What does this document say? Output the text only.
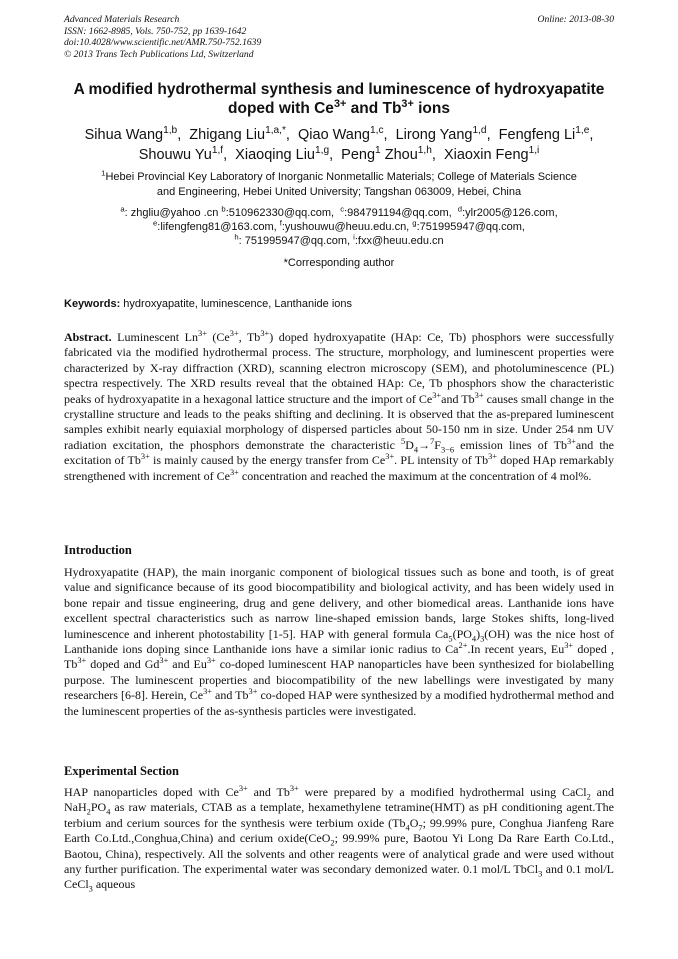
Advanced Materials Research
ISSN: 1662-8985, Vols. 750-752, pp 1639-1642
doi:10.4028/www.scientific.net/AMR.750-752.1639
© 2013 Trans Tech Publications Ltd, Switzerland
Online: 2013-08-30
A modified hydrothermal synthesis and luminescence of hydroxyapatite
doped with $Ce^{3+}$ and $Tb^{3+}$ ions
Sihua Wang$^{1,b}$,  Zhigang Liu$^{1,a,*}$,  Qiao Wang$^{1,c}$,  Lirong Yang$^{1,d}$,  Fengfeng Li$^{1,e}$,
Shouwu Yu$^{1,f}$,  Xiaoqing Liu$^{1,g}$,  Peng$^1$ Zhou$^{1,h}$,  Xiaoxin Feng$^{1,i}$
$^1$Hebei Provincial Key Laboratory of Inorganic Nonmetallic Materials; College of Materials Science
and Engineering, Hebei United University; Tangshan 063009, Hebei, China
$^a$: zhgliu@yahoo .cn $^b$:510962330@qq.com,  $^c$:984791194@qq.com,  $^d$:ylr2005@126.com,
$^e$:lifengfeng81@163.com, $^f$:yushouwu@heuu.edu.cn, $^g$:751995947@qq.com,
$^h$: 751995947@qq.com, $^i$:fxx@heuu.edu.cn
*Corresponding author
Keywords: hydroxyapatite, luminescence, Lanthanide ions
Abstract. Luminescent $Ln^{3+}$ ($Ce^{3+}$, $Tb^{3+}$) doped hydroxyapatite (HAp: Ce, Tb) phosphors were successfully fabricated via the modified hydrothermal process. The structure, morphology, and luminescent properties were characterized by X-ray diffraction (XRD), scanning electron microscopy (SEM), and photoluminescence (PL) spectra respectively. The XRD results reveal that the obtained HAp: Ce, Tb phosphors show the characteristic peaks of hydroxyapatite in a hexagonal lattice structure and the import of $Ce^{3+}and$ $Tb^{3+}$ causes small change in the crystalline structure and leads to the peaks shifting and declining. It is observed that the as-prepared luminescent samples exhibit nearly equiaxial morphology of dispersed particles about 50-150 nm in size. Under 254 nm UV radiation excitation, the phosphors demonstrate the characteristic $^5D_4\to^7F_{3-6}$ emission lines of $Tb^{3+}and$ the excitation of $Tb^{3+}$ is mainly caused by the energy transfer from $Ce^{3+}$. PL intensity of $Tb^{3+}$ doped HAp remarkably strengthened with increment of $Ce^{3+}$ concentration and reached the maximum at the concentration of 4 mol%.
Introduction
Hydroxyapatite (HAP), the main inorganic component of biological tissues such as bone and tooth, is of great value and significance because of its good biocompatibility and biological activity, and has been widely used in bone repair and tissue engineering, drug and gene delivery, and other biomedical areas. Lanthanide ions have excellent spectral characteristics such as narrow line-shaped emission bands, large Stokes shifts, long-lived luminescence and inherent photostability [1-5]. HAP with general formula $Ca_5(PO_4)_3(OH)$ was the nice host of Lanthanide ions doping since Lanthanide ions have a similar ionic radius to $Ca^{2+}.In$ recent years, $Eu^{3+}$ doped , $Tb^{3+}$ doped and $Gd^{3+}$ and $Eu^{3+}$ co-doped luminescent HAP nanoparticles have been synthesized for biolabelling purpose. The luminescent properties and biocompatibility of the new labellings were investigated by many researchers [6-8]. Herein, $Ce^{3+}$ and $Tb^{3+}$ co-doped HAP were synthesized by a modified hydrothermal method and the luminescent properties of the as-synthesis particles were investigated.
Experimental Section
HAP nanoparticles doped with $Ce^{3+}$ and $Tb^{3+}$ were prepared by a modified hydrothermal using CaCl$_2$ and $NaH_2PO_4$ as raw materials, CTAB as a template, hexamethylene tetramine(HMT) as pH conditioning agent.The terbium and cerium sources for the synthesis were terbium oxide ($Tb_4O_7$; 99.99% pure, Conghua Jianfeng Rare Earth Co.Ltd.,Conghua,China) and cerium oxide(CeO$_2$; 99.99% pure, Baotou Yi Long Da Rare Earth Co.Ltd., Baotou, China), respectively. All the solvents and other reagents were of analytical grade and were used without any further purification. The experimental water was secondary demonized water. 0.1 mol/L TbCl$_3$ and 0.1 mol/L CeCl$_3$ aqueous
